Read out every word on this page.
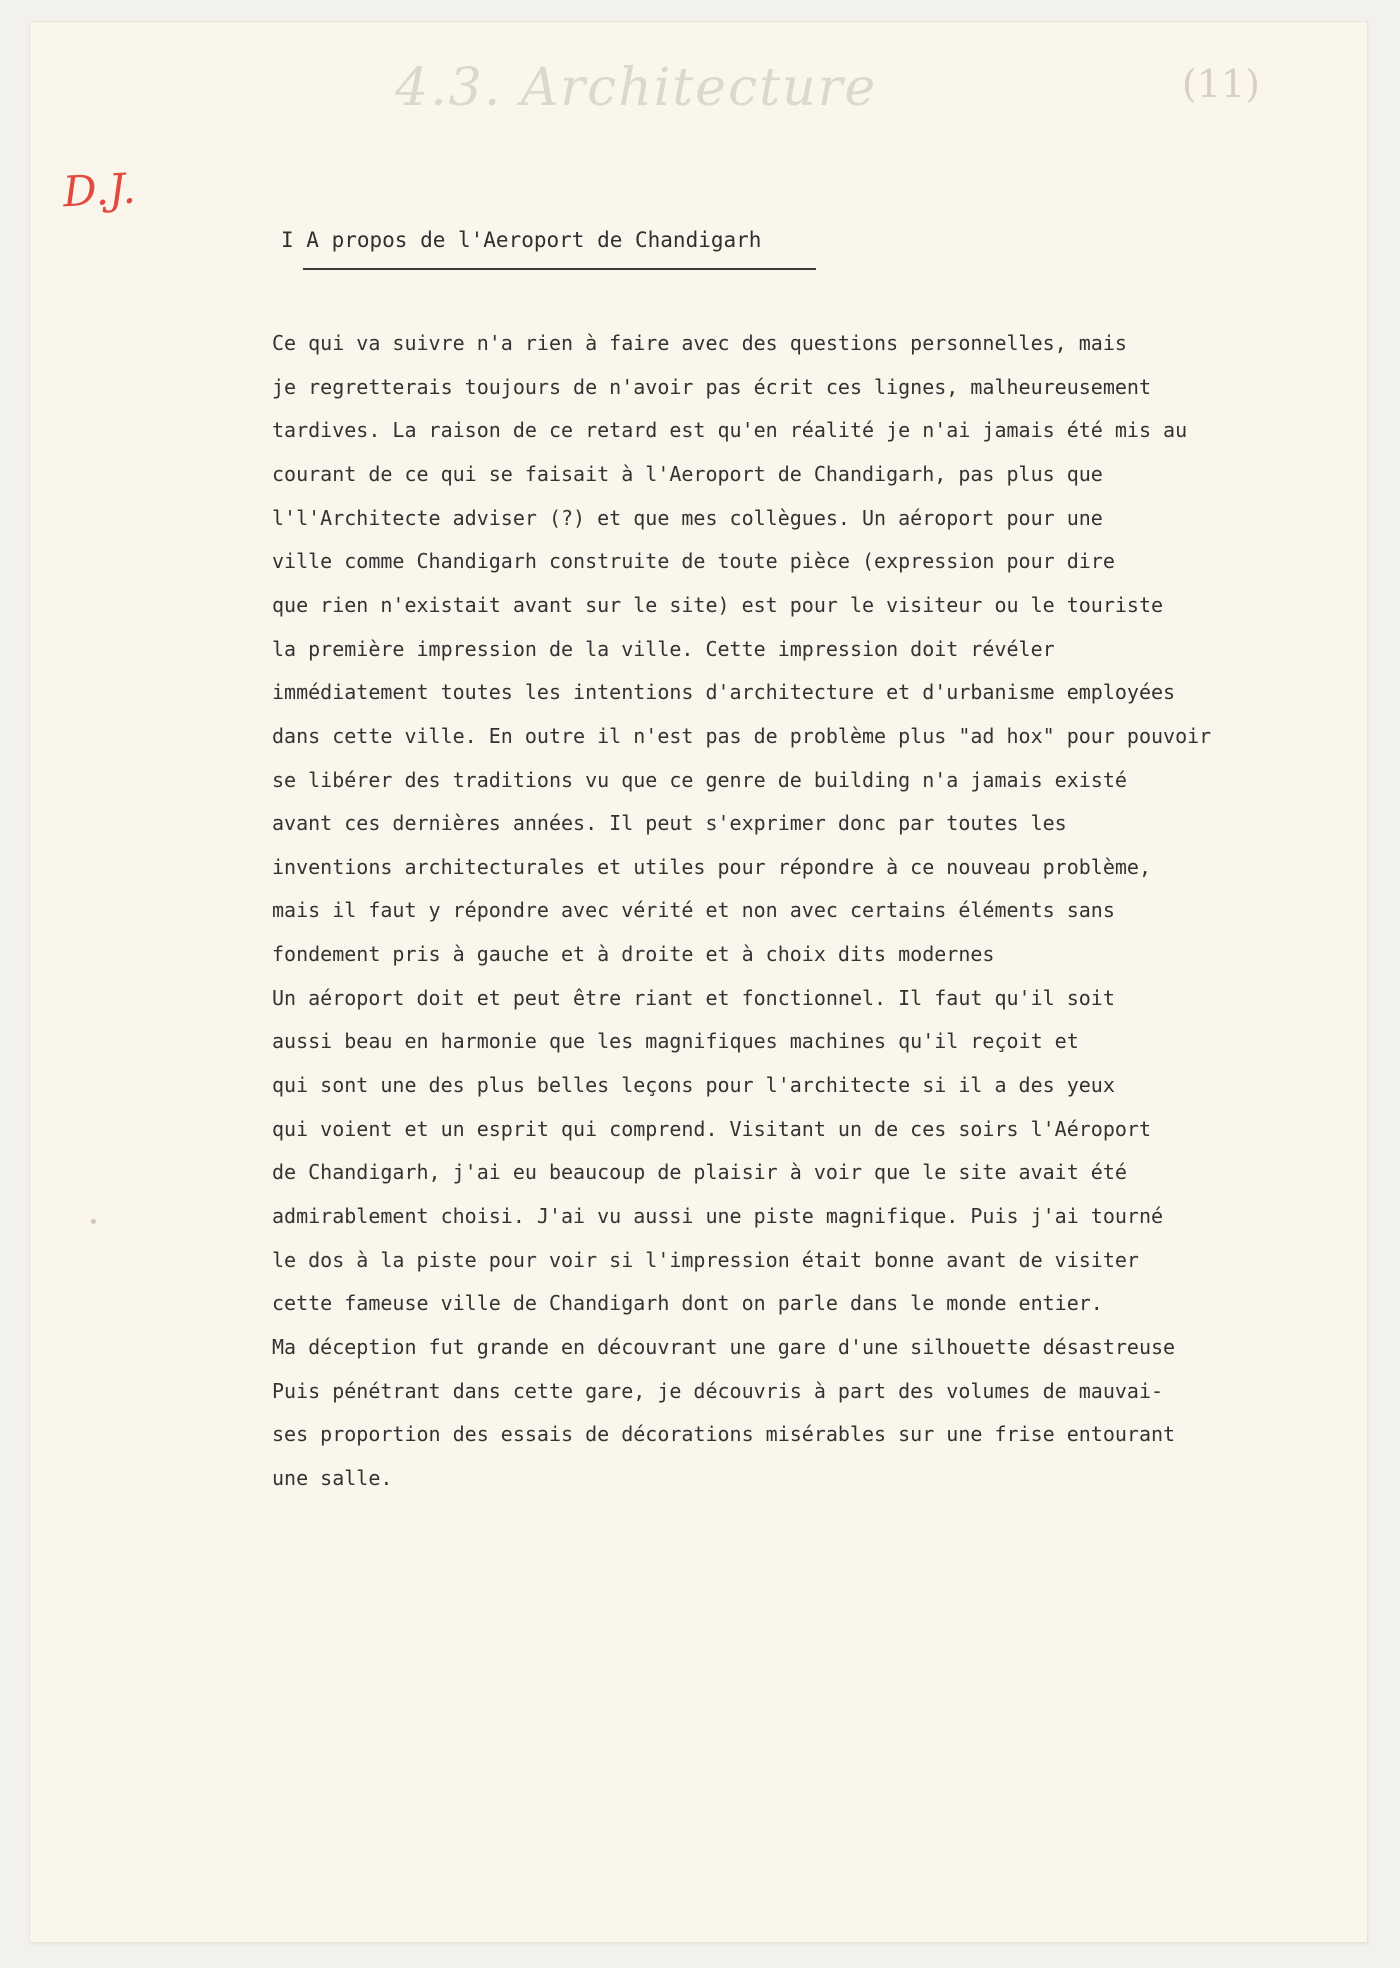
4.3. Architecture	(11)
D.J.
I A propos de l'Aeroport de Chandigarh
Ce qui va suivre n'a rien à faire avec des questions personnelles, mais
je regretterais toujours de n'avoir pas écrit ces lignes, malheureusement
tardives. La raison de ce retard est qu'en réalité je n'ai jamais été mis au
courant de ce qui se faisait à l'Aeroport de Chandigarh, pas plus que
l'l'Architecte adviser (?) et que mes collègues. Un aéroport pour une
ville comme Chandigarh construite de toute pièce (expression pour dire
que rien n'existait avant sur le site) est pour le visiteur ou le touriste
la première impression de la ville. Cette impression doit révéler
immédiatement toutes les intentions d'architecture et d'urbanisme employées
dans cette ville. En outre il n'est pas de problème plus "ad hox" pour pouvoir
se libérer des traditions vu que ce genre de building n'a jamais existé
avant ces dernières années. Il peut s'exprimer donc par toutes les
inventions architecturales et utiles pour répondre à ce nouveau problème,
mais il faut y répondre avec vérité et non avec certains éléments sans
fondement pris à gauche et à droite et à choix dits modernes
Un aéroport doit et peut être riant et fonctionnel. Il faut qu'il soit
aussi beau en harmonie que les magnifiques machines qu'il reçoit et
qui sont une des plus belles leçons pour l'architecte si il a des yeux
qui voient et un esprit qui comprend. Visitant un de ces soirs l'Aéroport
de Chandigarh, j'ai eu beaucoup de plaisir à voir que le site avait été
admirablement choisi. J'ai vu aussi une piste magnifique. Puis j'ai tourné
le dos à la piste pour voir si l'impression était bonne avant de visiter
cette fameuse ville de Chandigarh dont on parle dans le monde entier.
Ma déception fut grande en découvrant une gare d'une silhouette désastreuse
Puis pénétrant dans cette gare, je découvris à part des volumes de mauvai-
ses proportion des essais de décorations misérables sur une frise entourant
une salle.
